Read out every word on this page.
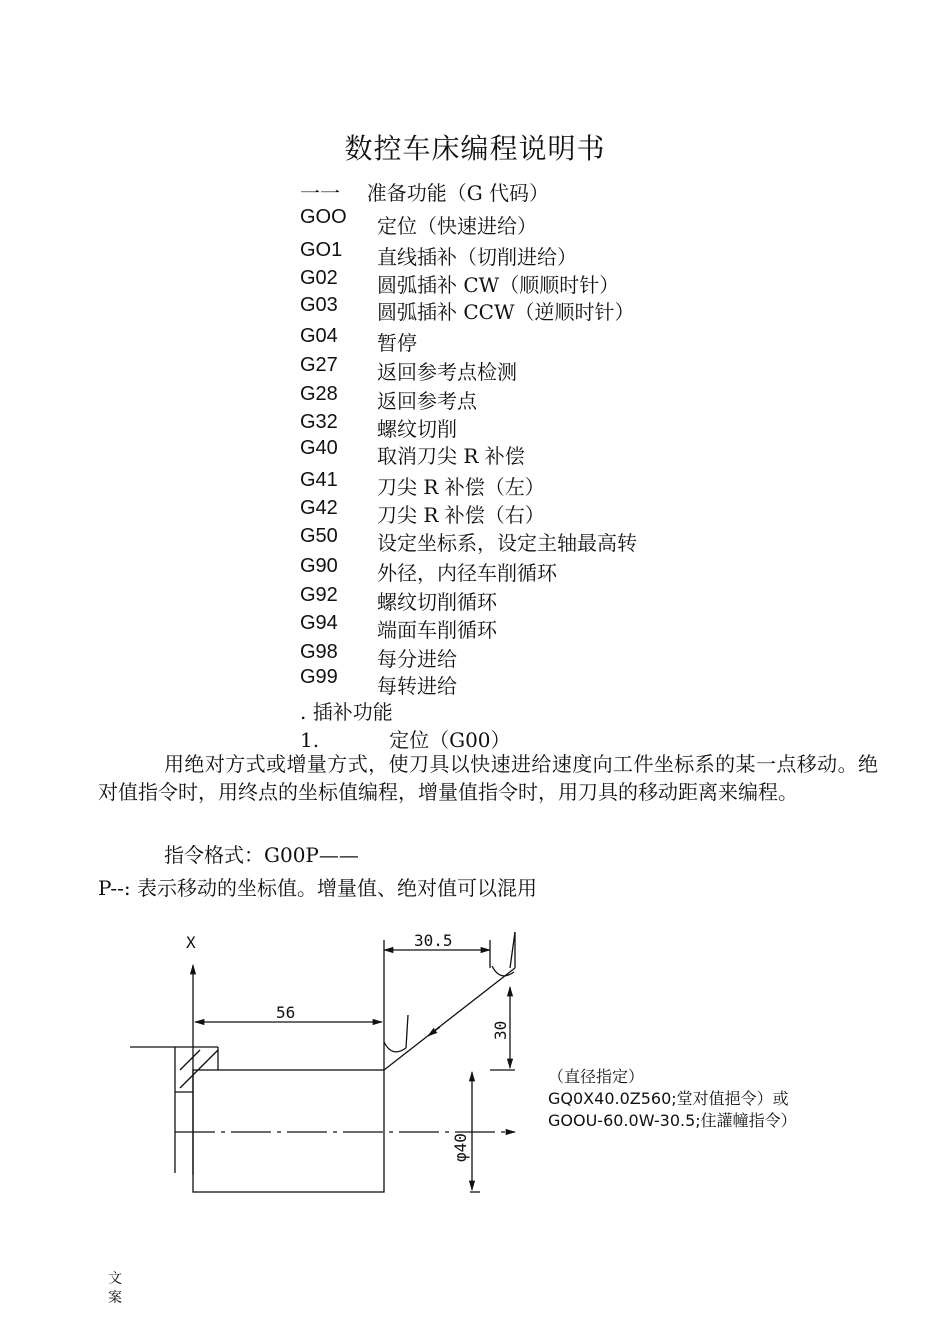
数控车床编程说明书
一一 准备功能（G 代码）
GOO 定位（快速进给）
GO1 直线插补（切削进给）
G02 圆弧插补 CW（顺顺时针）
G03 圆弧插补 CCW（逆顺时针）
G04 暂停
G27 返回参考点检测
G28 返回参考点
G32 螺纹切削
G40 取消刀尖 R 补偿
G41 刀尖 R 补偿（左）
G42 刀尖 R 补偿（右）
G50 设定坐标系，设定主轴最高转
G90 外径，内径车削循环
G92 螺纹切削循环
G94 端面车削循环
G98 每分进给
G99 每转进给
. 插补功能
1.	定位（G00）
用绝对方式或增量方式，使刀具以快速进给速度向工件坐标系的某一点移动。绝对值指令时，用终点的坐标值编程，增量值指令时，用刀具的移动距离来编程。
指令格式：G00P——
P--: 表示移动的坐标值。增量值、绝对值可以混用
X	30.5
56
30
φ40
（直径指定）
GQ0X40.0Z560;堂对值挹令）或
GOOU-60.0W-30.5;住讙幢指令）
文
案
